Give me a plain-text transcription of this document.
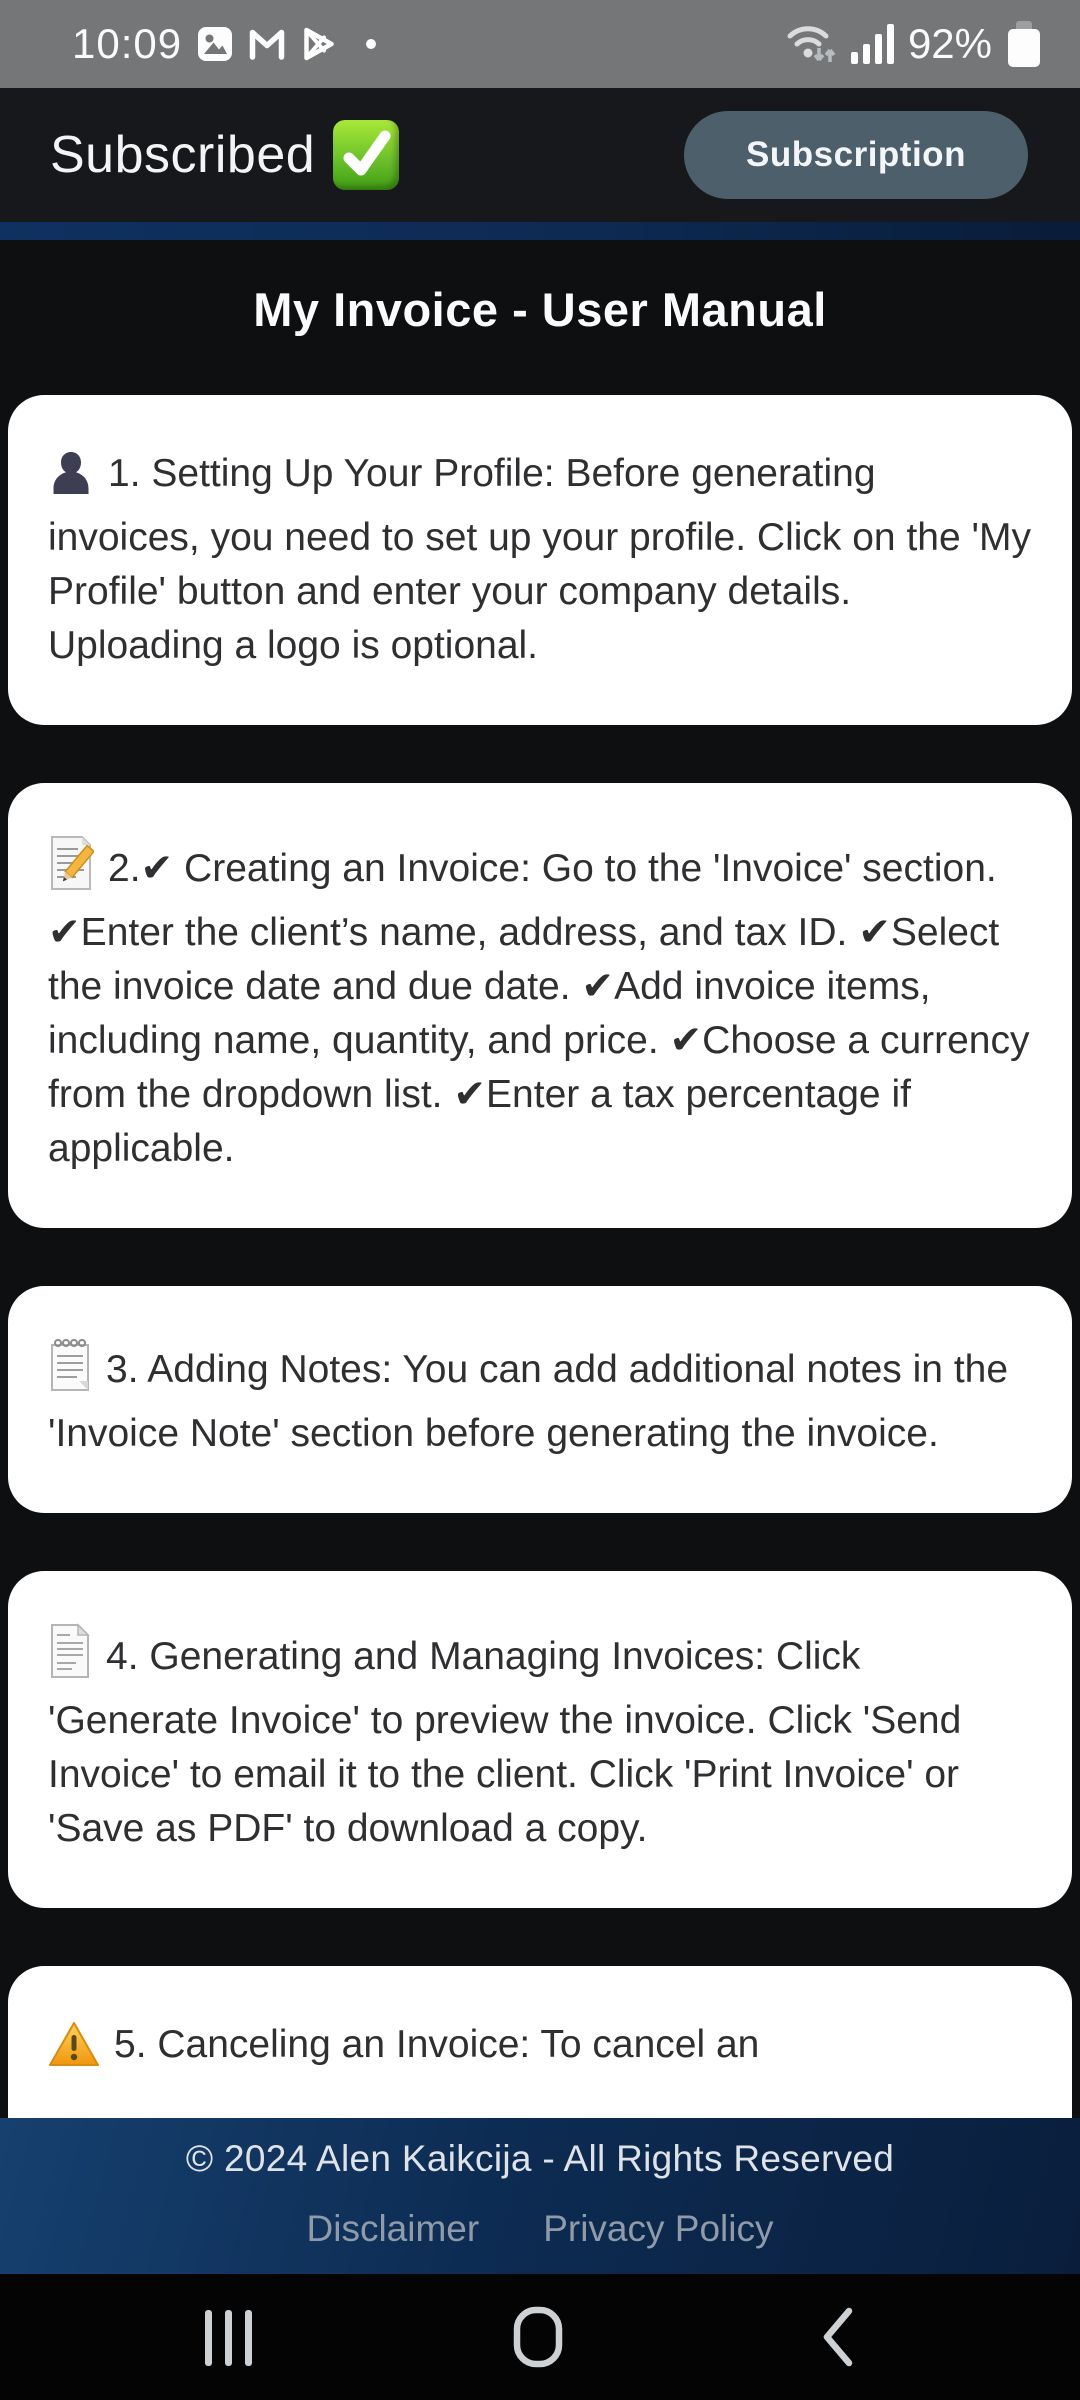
10:09	92%
Subscribed	Subscription
My Invoice - User Manual

1. Setting Up Your Profile: Before generating invoices, you need to set up your profile. Click on the 'My Profile' button and enter your company details. Uploading a logo is optional.

2.✔ Creating an Invoice: Go to the 'Invoice' section. ✔Enter the client’s name, address, and tax ID. ✔Select the invoice date and due date. ✔Add invoice items, including name, quantity, and price. ✔Choose a currency from the dropdown list. ✔Enter a tax percentage if applicable.

3. Adding Notes: You can add additional notes in the 'Invoice Note' section before generating the invoice.

4. Generating and Managing Invoices: Click 'Generate Invoice' to preview the invoice. Click 'Send Invoice' to email it to the client. Click 'Print Invoice' or 'Save as PDF' to download a copy.

5. Canceling an Invoice: To cancel an

© 2024 Alen Kaikcija - All Rights Reserved
Disclaimer Privacy Policy
